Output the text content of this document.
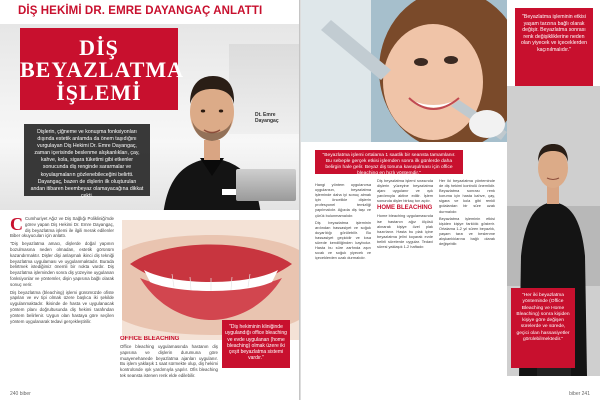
DİŞ HEKİMİ DR. EMRE DAYANGAÇ ANLATTI
Dt. Emre
Dayangaç
DİŞ
BEYAZLATMA
İŞLEMİ
Dişlerin, çiğneme ve konuşma fonksiyonları dışında estetik anlamda da önem taşıdığını vurgulayan Diş Hekimi Dr. Emre Dayangaç, zaman içerisinde beslenme alışkanlıkları, çay, kahve, kola, sigara tüketimi gibi etkenler sonucunda diş renginde sararmalar ve koyulaşmaların gözlenebileceğini belirtti. Dayangaç, bazen de dişlerin ilk oluşturulan andan itibaren beembeyaz olamayacağına dikkat çekti.

C Cumhuriyet Ağız ve Diş Sağlığı Polikliniği'nde görev yapan Diş Hekimi Dr. Emre Dayangaç, diş beyazlatma işlemi ile ilgili merak edilenler Biber okuyucuları için anlattı.

"Diş beyazlatma amacı, dişlerde doğal yapının bozulmasına neden olmadan, estetik görünüm kazandırmaktır. Dişler dişi anlaşmalı ikinci diş tekniği beyazlatma uygulaması ve uygulanmaktadır. Burada belirtmek istediğimiz önemli bir nokta vardır. Diş beyazlatma işleminden sonra diş yüzeyine uygulanan fonksiyonlar ve yöntemler, dişin yapısına bağlı olarak sonuç verir.

Diş beyazlatma (bleaching) işlemi günümüzde ofiste yapılan ve ev tipi olmak üzere başlıca iki şekilde uygulanmaktadır. İkisinde de hasta ve uygulanacak yöntem planı doğrultusunda diş hekimi tarafından yöntem belirlenir. Uygun olan hastaya göre seçilen yöntem uygulanarak tedavi gerçekleştirilir.

OFFICE BLEACHING

Office bleaching uygulamasında hastanın diş yapısına ve dişlerin durumuna göre muayenehanede beyazlatma ajanları uygulanır. Bu işlem yaklaşık 1 saat sürmekte olup, diş hekimi kontrolünde ışık yardımıyla yapılır. Ofis bleaching tek seansta istenen renk elde edilebilir.

"Diş hekiminin kliniğinde uygulandığı office bleaching ve evde uygulanan (home bleaching) olmak üzere iki çeşit beyazlatma sistemi vardır."
240 biber
"Beyazlatma işleminin etkisi yaşam tarzına bağlı olarak değişir. Beyazlatma sonrası renk değişikliklerine neden olan yiyecek ve içeceklerden kaçınılmalıdır."
"Beyazlatma işlemi ortalama 1 saatlik bir seansta tamamlanır. Bu sebeple gerçek etkisi işlemden sonra ilk günlerde daha belirgin hale gelir. Beyaz diş tonuna kavuşulması için office bleaching en hızlı yöntemdir."

Hangi yöntem uygulanırsa uygulansın, beyazlatma işleminde daha iyi sonuç almak için öncelikle dişlerin profesyonel temizliği yapılmalıdır. Ağızda diş taşı ve çürük bulunmamalıdır.

Diş beyazlatma işleminin ardından hassasiyet ve soğuk duyarlılığı görülebilir. Bu hassasiyet geçicidir ve kısa sürede kendiliğinden kaybolur. Hasta bu süre zarfında aşırı sıcak ve soğuk yiyecek ve içeceklerden uzak durmalıdır.

Diş beyazlatma işlemi sırasında dişlerin yüzeyine beyazlatma ajanı uygulanır ve ışık yardımıyla aktive edilir. İşlem sonunda dişler birkaç ton açılır.

HOME BLEACHING

Home bleaching uygulamasında ise hastanın ağız ölçüsü alınarak kişiye özel plak hazırlanır. Hasta bu plak içine beyazlatma jelini koyarak evde belirli sürelerde uygular. Tedavi süresi yaklaşık 1-2 haftadır.

Her iki beyazlatma yönteminde de diş hekimi kontrolü önemlidir. Beyazlatma sonrası renk koruma için hasta kahve, çay, sigara ve kola gibi renkli gıdalardan bir süre uzak durmalıdır.

Beyazlatma işleminin etkisi kişiden kişiye farklılık gösterir. Ortalama 1-2 yıl süren beyazlık, yaşam tarzı ve beslenme alışkanlıklarına bağlı olarak değişebilir.

"Her iki beyazlatma yönteminde (Office Bleaching ve Home Bleaching) sonra kişiden kişiye göre değişen sürelerde ve sürede, geçici olan hassasiyetler görülebilmektedir."
biber 241
